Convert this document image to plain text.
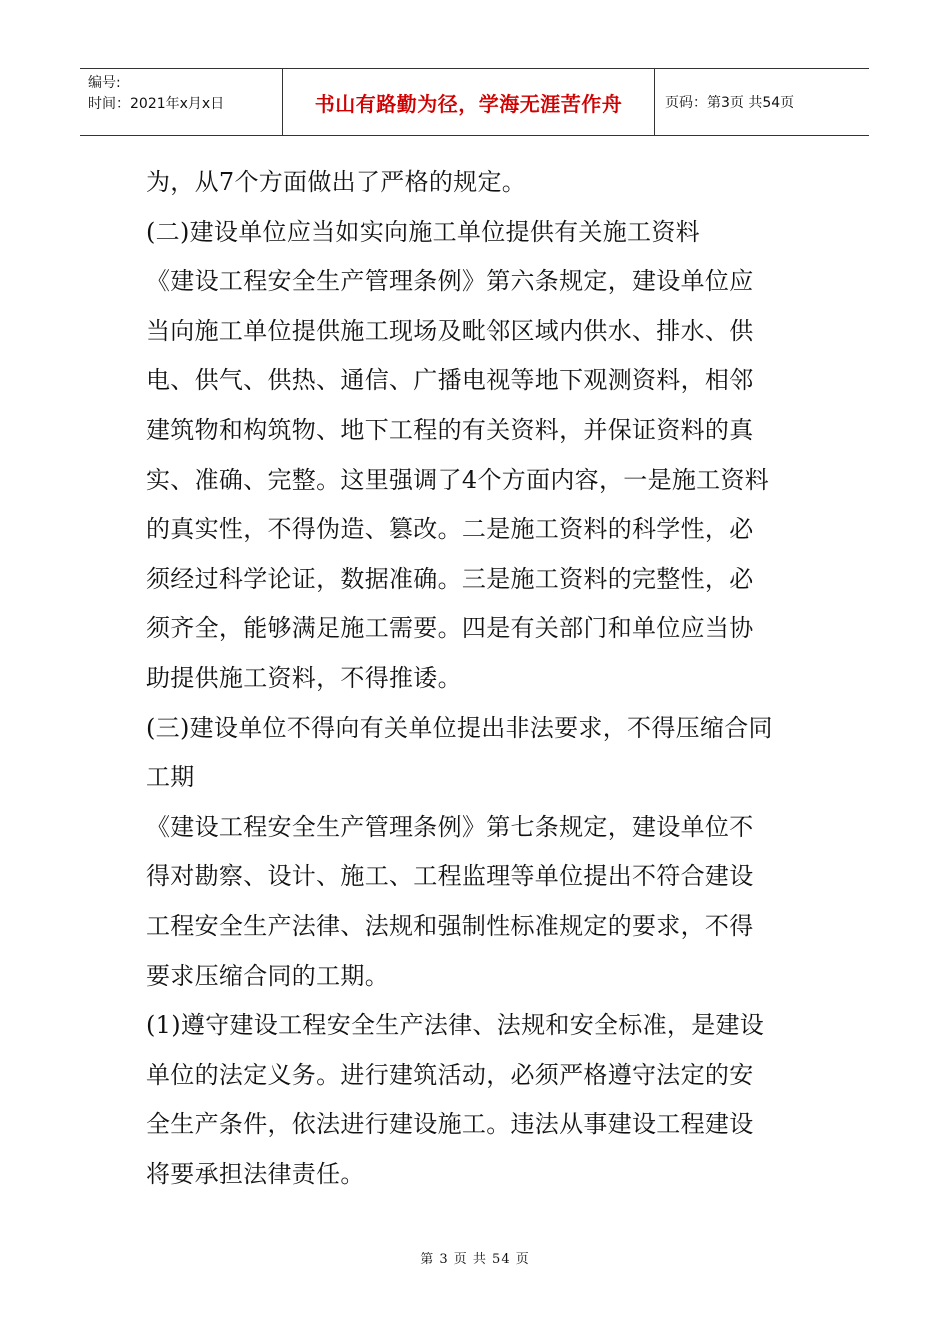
编号:
时间：2021年x月x日	书山有路勤为径，学海无涯苦作舟	页码：第3页 共54页

为，从7个方面做出了严格的规定。

(二)建设单位应当如实向施工单位提供有关施工资料

《建设工程安全生产管理条例》第六条规定，建设单位应

当向施工单位提供施工现场及毗邻区域内供水、排水、供

电、供气、供热、通信、广播电视等地下观测资料，相邻

建筑物和构筑物、地下工程的有关资料，并保证资料的真

实、准确、完整。这里强调了4个方面内容，一是施工资料

的真实性，不得伪造、篡改。二是施工资料的科学性，必

须经过科学论证，数据准确。三是施工资料的完整性，必

须齐全，能够满足施工需要。四是有关部门和单位应当协

助提供施工资料，不得推诿。

(三)建设单位不得向有关单位提出非法要求，不得压缩合同

工期

《建设工程安全生产管理条例》第七条规定，建设单位不

得对勘察、设计、施工、工程监理等单位提出不符合建设

工程安全生产法律、法规和强制性标准规定的要求，不得

要求压缩合同的工期。

(1)遵守建设工程安全生产法律、法规和安全标准，是建设

单位的法定义务。进行建筑活动，必须严格遵守法定的安

全生产条件，依法进行建设施工。违法从事建设工程建设

将要承担法律责任。

第 3 页 共 54 页
